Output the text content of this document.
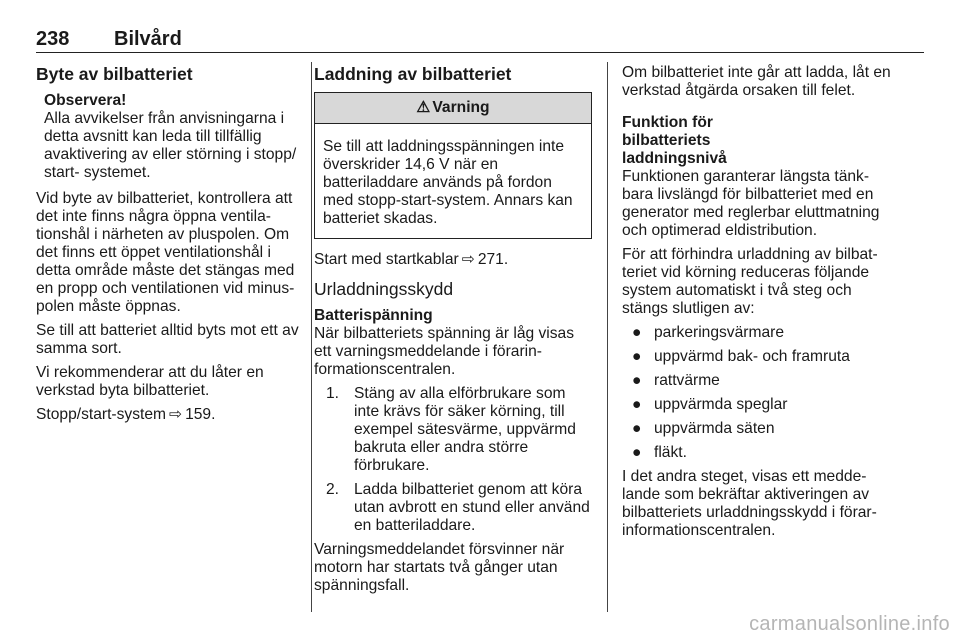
238 Bilvård
Byte av bilbatteriet
Observera!
Alla avvikelser från anvisningarna i detta avsnitt kan leda till tillfällig avaktivering av eller störning i stopp/ start- systemet.

Vid byte av bilbatteriet, kontrollera att det inte finns några öppna ventilationshål i närheten av pluspolen. Om det finns ett öppet ventilationshål i detta område måste det stängas med en propp och ventilationen vid minuspolen måste öppnas.

Se till att batteriet alltid byts mot ett av samma sort.

Vi rekommenderar att du låter en verkstad byta bilbatteriet.

Stopp/start-system ⇨ 159.

Laddning av bilbatteriet
⚠ Varning
Se till att laddningsspänningen inte överskrider 14,6 V när en batteriladdare används på fordon med stopp-start-system. Annars kan batteriet skadas.

Start med startkablar ⇨ 271.

Urladdningsskydd
Batterispänning

När bilbatteriets spänning är låg visas ett varningsmeddelande i förarinformationscentralen.

1. Stäng av alla elförbrukare som inte krävs för säker körning, till exempel sätesvärme, uppvärmd bakruta eller andra större förbrukare.
2. Ladda bilbatteriet genom att köra utan avbrott en stund eller använd en batteriladdare.

Varningsmeddelandet försvinner när motorn har startats två gånger utan spänningsfall.

Om bilbatteriet inte går att ladda, låt en verkstad åtgärda orsaken till felet.

Funktion för bilbatteriets laddningsnivå

Funktionen garanterar längsta tänkbara livslängd för bilbatteriet med en generator med reglerbar eluttmatning och optimerad eldistribution.

För att förhindra urladdning av bilbatteriet vid körning reduceras följande system automatiskt i två steg och stängs slutligen av:

● parkeringsvärmare
● uppvärmd bak- och framruta
● rattvärme
● uppvärmda speglar
● uppvärmda säten
● fläkt.

I det andra steget, visas ett meddelande som bekräftar aktiveringen av bilbatteriets urladdningsskydd i förarinformationscentralen.

carmanualsonline.info
